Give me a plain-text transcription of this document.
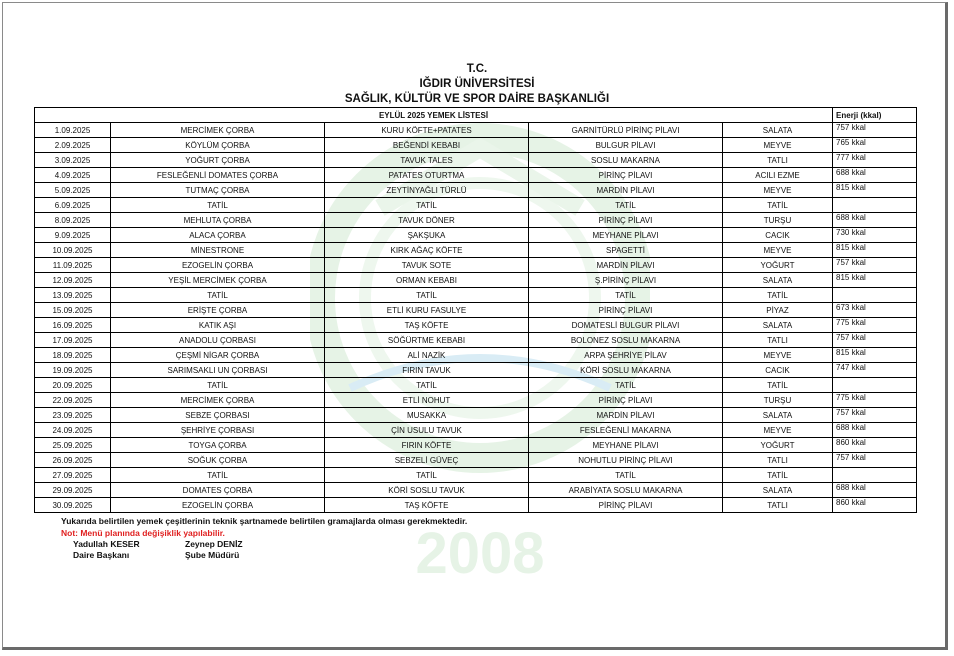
2008
T.C.
IĞDIR ÜNİVERSİTESİ
SAĞLIK, KÜLTÜR VE SPOR DAİRE BAŞKANLIĞI
EYLÜL 2025 YEMEK LİSTESİ					Enerji (kkal)
1.09.2025	MERCİMEK ÇORBA	KURU KÖFTE+PATATES	GARNİTÜRLÜ PİRİNÇ PİLAVI	SALATA	757 kkal
2.09.2025	KÖYLÜM ÇORBA	BEĞENDİ KEBABI	BULGUR PİLAVI	MEYVE	765 kkal
3.09.2025	YOĞURT ÇORBA	TAVUK TALES	SOSLU MAKARNA	TATLI	777 kkal
4.09.2025	FESLEĞENLİ DOMATES ÇORBA	PATATES OTURTMA	PİRİNÇ PİLAVI	ACILI EZME	688 kkal
5.09.2025	TUTMAÇ ÇORBA	ZEYTİNYAĞLI TÜRLÜ	MARDİN PİLAVI	MEYVE	815 kkal
6.09.2025	TATİL	TATİL	TATİL	TATİL	
8.09.2025	MEHLUTA ÇORBA	TAVUK DÖNER	PİRİNÇ PİLAVI	TURŞU	688 kkal
9.09.2025	ALACA ÇORBA	ŞAKŞUKA	MEYHANE PİLAVI	CACIK	730 kkal
10.09.2025	MİNESTRONE	KIRK AĞAÇ KÖFTE	SPAGETTİ	MEYVE	815 kkal
11.09.2025	EZOGELİN ÇORBA	TAVUK SOTE	MARDİN PİLAVI	YOĞURT	757 kkal
12.09.2025	YEŞİL MERCİMEK ÇORBA	ORMAN KEBABI	Ş.PİRİNÇ PİLAVI	SALATA	815 kkal
13.09.2025	TATİL	TATİL	TATİL	TATİL	
15.09.2025	ERİŞTE ÇORBA	ETLİ KURU FASULYE	PİRİNÇ PİLAVI	PİYAZ	673 kkal
16.09.2025	KATIK AŞI	TAŞ KÖFTE	DOMATESLİ BULGUR PİLAVI	SALATA	775 kkal
17.09.2025	ANADOLU ÇORBASI	SÖĞÜRTME KEBABI	BOLONEZ SOSLU MAKARNA	TATLI	757 kkal
18.09.2025	ÇEŞMİ NİGAR ÇORBA	ALİ NAZİK	ARPA ŞEHRİYE PİLAV	MEYVE	815 kkal
19.09.2025	SARIMSAKLI UN ÇORBASI	FIRIN TAVUK	KÖRİ SOSLU MAKARNA	CACIK	747 kkal
20.09.2025	TATİL	TATİL	TATİL	TATİL	
22.09.2025	MERCİMEK ÇORBA	ETLİ NOHUT	PİRİNÇ PİLAVI	TURŞU	775 kkal
23.09.2025	SEBZE ÇORBASI	MUSAKKA	MARDİN PİLAVI	SALATA	757 kkal
24.09.2025	ŞEHRİYE ÇORBASI	ÇİN USULU TAVUK	FESLEĞENLİ MAKARNA	MEYVE	688 kkal
25.09.2025	TOYGA ÇORBA	FIRIN KÖFTE	MEYHANE PİLAVI	YOĞURT	860 kkal
26.09.2025	SOĞUK ÇORBA	SEBZELİ GÜVEÇ	NOHUTLU PİRİNÇ PİLAVI	TATLI	757 kkal
27.09.2025	TATİL	TATİL	TATİL	TATİL	
29.09.2025	DOMATES ÇORBA	KÖRİ SOSLU TAVUK	ARABİYATA SOSLU MAKARNA	SALATA	688 kkal
30.09.2025	EZOGELİN ÇORBA	TAŞ KÖFTE	PİRİNÇ PİLAVI	TATLI	860 kkal
Yukarıda belirtilen yemek çeşitlerinin teknik şartnamede belirtilen gramajlarda olması gerekmektedir.
Not: Menü planında değişiklik yapılabilir.
Yadullah KESER
Daire Başkanı
Zeynep DENİZ
Şube Müdürü
